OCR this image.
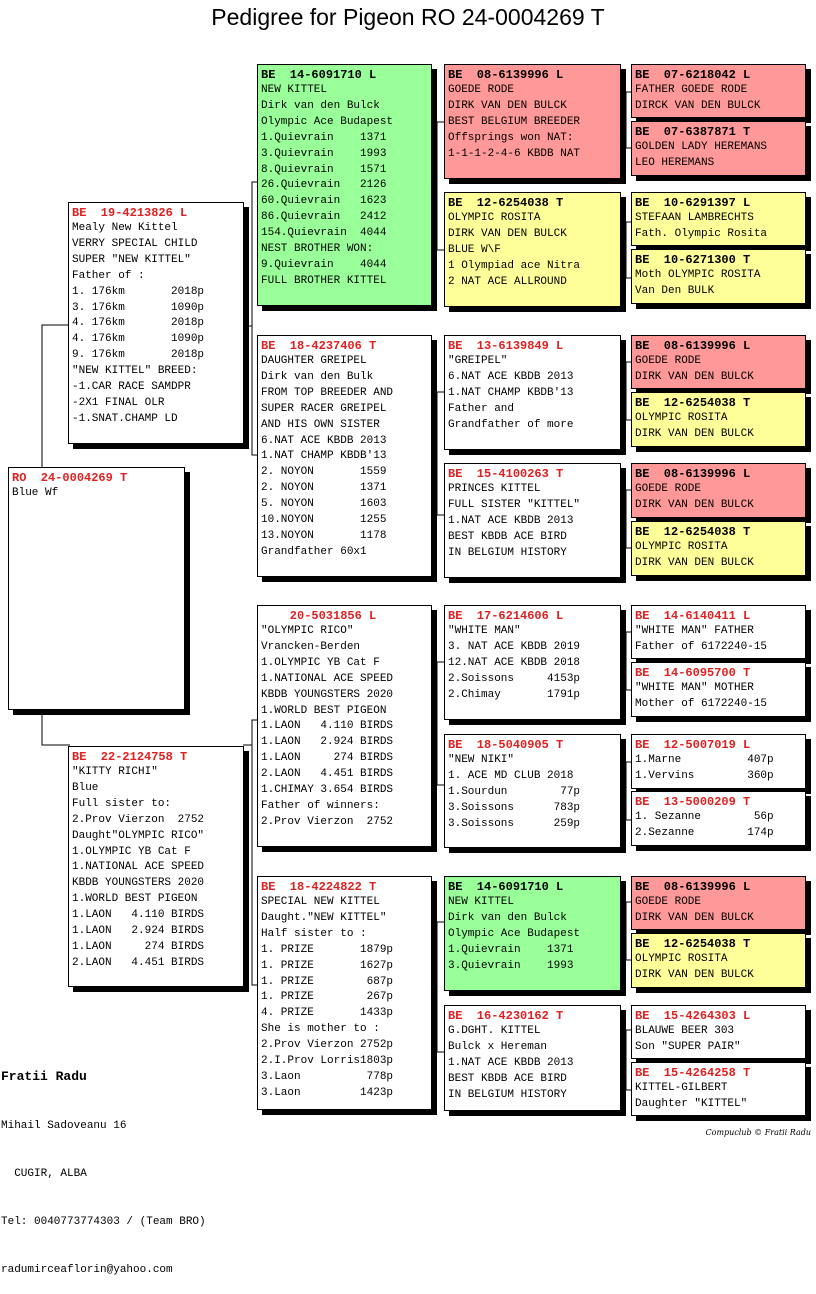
Pedigree for Pigeon RO 24-0004269 T
RO  24-0004269 T
Blue Wf
BE  19-4213826 L
Mealy New Kittel
VERRY SPECIAL CHILD
SUPER "NEW KITTEL"
Father of :
1. 176km       2018p
3. 176km       1090p
4. 176km       2018p
4. 176km       1090p
9. 176km       2018p
"NEW KITTEL" BREED:
-1.CAR RACE SAMDPR
-2X1 FINAL OLR
-1.SNAT.CHAMP LD
BE  22-2124758 T
"KITTY RICHI"
Blue
Full sister to:
2.Prov Vierzon  2752
Daught"OLYMPIC RICO"
1.OLYMPIC YB Cat F
1.NATIONAL ACE SPEED
KBDB YOUNGSTERS 2020
1.WORLD BEST PIGEON
1.LAON   4.110 BIRDS
1.LAON   2.924 BIRDS
1.LAON     274 BIRDS
2.LAON   4.451 BIRDS
BE  14-6091710 L
NEW KITTEL
Dirk van den Bulck
Olympic Ace Budapest
1.Quievrain    1371
3.Quievrain    1993
8.Quievrain    1571
26.Quievrain   2126
60.Quievrain   1623
86.Quievrain   2412
154.Quievrain  4044
NEST BROTHER WON:
9.Quievrain    4044
FULL BROTHER KITTEL
BE  18-4237406 T
DAUGHTER GREIPEL
Dirk van den Bulk
FROM TOP BREEDER AND
SUPER RACER GREIPEL
AND HIS OWN SISTER
6.NAT ACE KBDB 2013
1.NAT CHAMP KBDB'13
2. NOYON       1559
2. NOYON       1371
5. NOYON       1603
10.NOYON       1255
13.NOYON       1178
Grandfather 60x1
20-5031856 L
"OLYMPIC RICO"
Vrancken-Berden
1.OLYMPIC YB Cat F
1.NATIONAL ACE SPEED
KBDB YOUNGSTERS 2020
1.WORLD BEST PIGEON
1.LAON   4.110 BIRDS
1.LAON   2.924 BIRDS
1.LAON     274 BIRDS
2.LAON   4.451 BIRDS
1.CHIMAY 3.654 BIRDS
Father of winners:
2.Prov Vierzon  2752
BE  18-4224822 T
SPECIAL NEW KITTEL
Daught."NEW KITTEL"
Half sister to :
1. PRIZE       1879p
1. PRIZE       1627p
1. PRIZE        687p
1. PRIZE        267p
4. PRIZE       1433p
She is mother to :
2.Prov Vierzon 2752p
2.I.Prov Lorris1803p
3.Laon          778p
3.Laon         1423p
BE  08-6139996 L
GOEDE RODE
DIRK VAN DEN BULCK
BEST BELGIUM BREEDER
Offsprings won NAT:
1-1-1-2-4-6 KBDB NAT
BE  12-6254038 T
OLYMPIC ROSITA
DIRK VAN DEN BULCK
BLUE W\F
1 Olympiad ace Nitra
2 NAT ACE ALLROUND
BE  13-6139849 L
"GREIPEL"
6.NAT ACE KBDB 2013
1.NAT CHAMP KBDB'13
Father and
Grandfather of more
BE  15-4100263 T
PRINCES KITTEL
FULL SISTER "KITTEL"
1.NAT ACE KBDB 2013
BEST KBDB ACE BIRD
IN BELGIUM HISTORY
BE  17-6214606 L
"WHITE MAN"
3. NAT ACE KBDB 2019
12.NAT ACE KBDB 2018
2.Soissons     4153p
2.Chimay       1791p
BE  18-5040905 T
"NEW NIKI"
1. ACE MD CLUB 2018
1.Sourdun        77p
3.Soissons      783p
3.Soissons      259p
BE  14-6091710 L
NEW KITTEL
Dirk van den Bulck
Olympic Ace Budapest
1.Quievrain    1371
3.Quievrain    1993
BE  16-4230162 T
G.DGHT. KITTEL
Bulck x Hereman
1.NAT ACE KBDB 2013
BEST KBDB ACE BIRD
IN BELGIUM HISTORY
BE  07-6218042 L
FATHER GOEDE RODE
DIRCK VAN DEN BULCK
BE  07-6387871 T
GOLDEN LADY HEREMANS
LEO HEREMANS
BE  10-6291397 L
STEFAAN LAMBRECHTS
Fath. Olympic Rosita
BE  10-6271300 T
Moth OLYMPIC ROSITA
Van Den BULK
BE  08-6139996 L
GOEDE RODE
DIRK VAN DEN BULCK
BE  12-6254038 T
OLYMPIC ROSITA
DIRK VAN DEN BULCK
BE  08-6139996 L
GOEDE RODE
DIRK VAN DEN BULCK
BE  12-6254038 T
OLYMPIC ROSITA
DIRK VAN DEN BULCK
BE  14-6140411 L
"WHITE MAN" FATHER
Father of 6172240-15
BE  14-6095700 T
"WHITE MAN" MOTHER
Mother of 6172240-15
BE  12-5007019 L
1.Marne          407p
1.Vervins        360p
BE  13-5000209 T
1. Sezanne        56p
2.Sezanne        174p
BE  08-6139996 L
GOEDE RODE
DIRK VAN DEN BULCK
BE  12-6254038 T
OLYMPIC ROSITA
DIRK VAN DEN BULCK
BE  15-4264303 L
BLAUWE BEER 303
Son "SUPER PAIR"
BE  15-4264258 T
KITTEL-GILBERT
Daughter "KITTEL"

Fratii Radu

Mihail Sadoveanu 16

CUGIR, ALBA

Tel: 0040773774303 / (Team BRO)

radumirceaflorin@yahoo.com

Compuclub © Fratii Radu
